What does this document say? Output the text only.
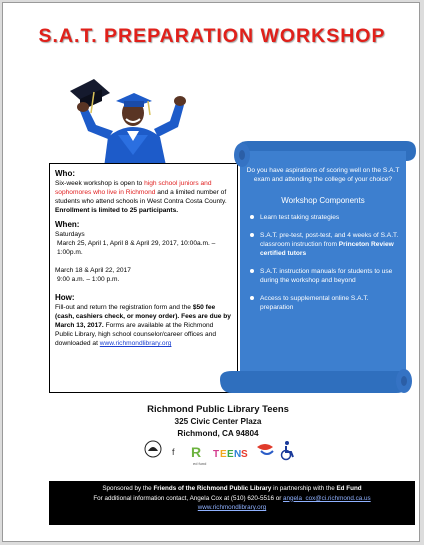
S.A.T. PREPARATION WORKSHOP

Who:

Six-week workshop is open to high school juniors and sophomores who live in Richmond and a limited number of students who attend schools in West Contra Costa County. Enrollment is limited to 25 participants.

When:

Saturdays

March 25, April 1, April 8 & April 29, 2017, 10:00a.m. – 1:00p.m.

March 18 & April 22, 2017

9:00 a.m. – 1:00 p.m.

How:

Fill-out and return the registration form and the $50 fee (cash, cashiers check, or money order). Fees are due by March 13, 2017. Forms are available at the Richmond Public Library, high school counselor/career offices and downloaded at www.richmondlibrary.org

Do you have aspirations of scoring well on the S.A.T exam and attending the college of your choice?

Workshop Components

Learn test taking strategies
S.A.T. pre-test, post-test, and 4 weeks of S.A.T. classroom instruction from Princeton Review certified tutors
S.A.T. instruction manuals for students to use during the workshop and beyond
Access to supplemental online S.A.T. preparation

Richmond Public Library Teens

325 Civic Center Plaza

Richmond, CA 94804

f R
ed fund
T E E N S

Sponsored by the Friends of the Richmond Public Library in partnership with the Ed Fund

For additional information contact, Angela Cox at (510) 620-5516 or angela_cox@ci.richmond.ca.us

www.richmondlibrary.org
